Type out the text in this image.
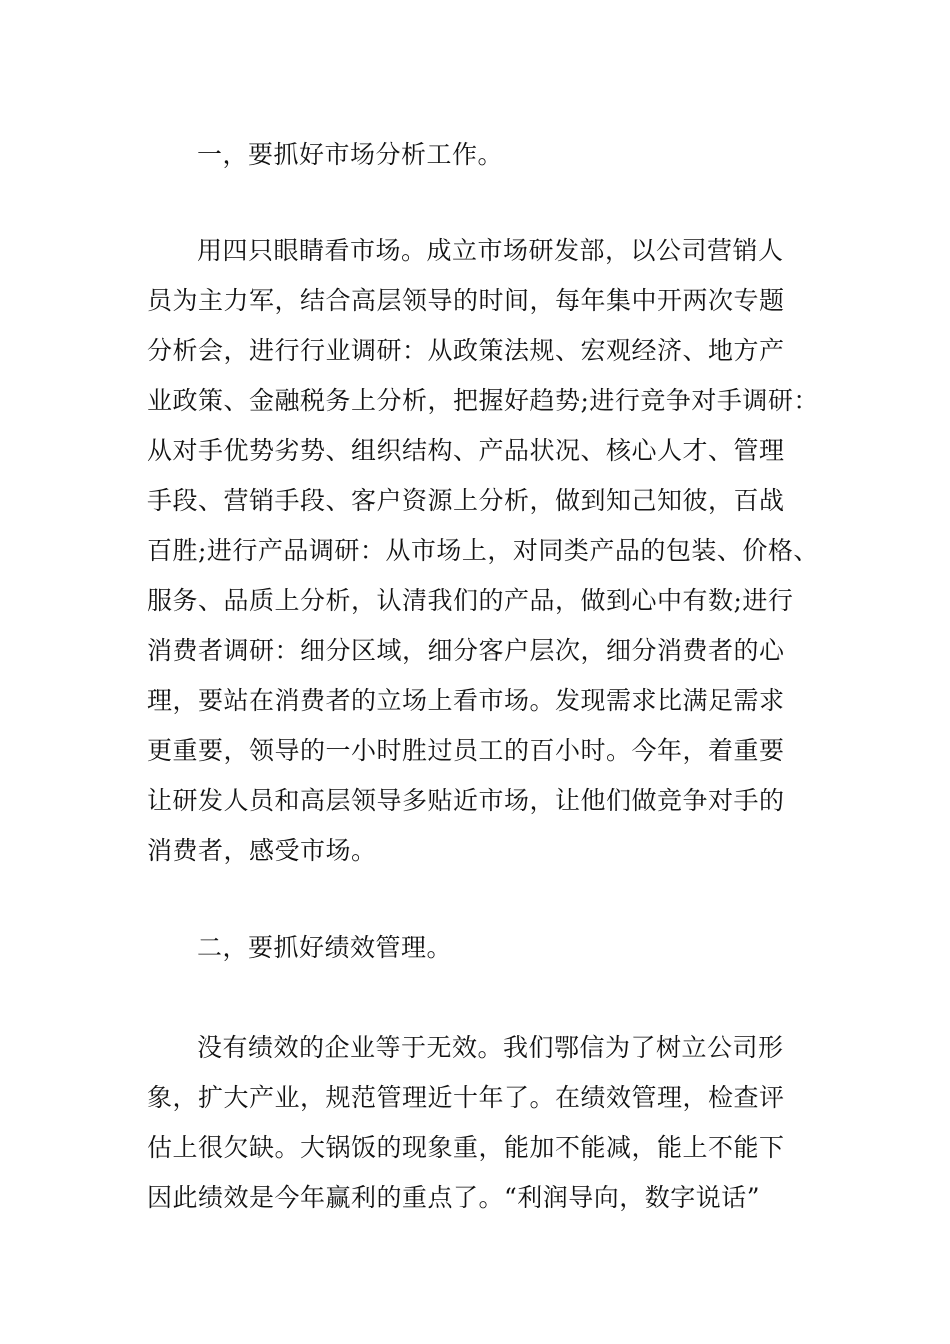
一，要抓好市场分析工作。
用四只眼睛看市场。成立市场研发部，以公司营销人
员为主力军，结合高层领导的时间，每年集中开两次专题
分析会，进行行业调研：从政策法规、宏观经济、地方产
业政策、金融税务上分析，把握好趋势;进行竞争对手调研：
从对手优势劣势、组织结构、产品状况、核心人才、管理
手段、营销手段、客户资源上分析，做到知己知彼，百战
百胜;进行产品调研：从市场上，对同类产品的包装、价格、
服务、品质上分析，认清我们的产品，做到心中有数;进行
消费者调研：细分区域，细分客户层次，细分消费者的心
理，要站在消费者的立场上看市场。发现需求比满足需求
更重要，领导的一小时胜过员工的百小时。今年，着重要
让研发人员和高层领导多贴近市场，让他们做竞争对手的
消费者，感受市场。
二，要抓好绩效管理。
没有绩效的企业等于无效。我们鄂信为了树立公司形
象，扩大产业，规范管理近十年了。在绩效管理，检查评
估上很欠缺。大锅饭的现象重，能加不能减，能上不能下
因此绩效是今年赢利的重点了。“利润导向，数字说话”
